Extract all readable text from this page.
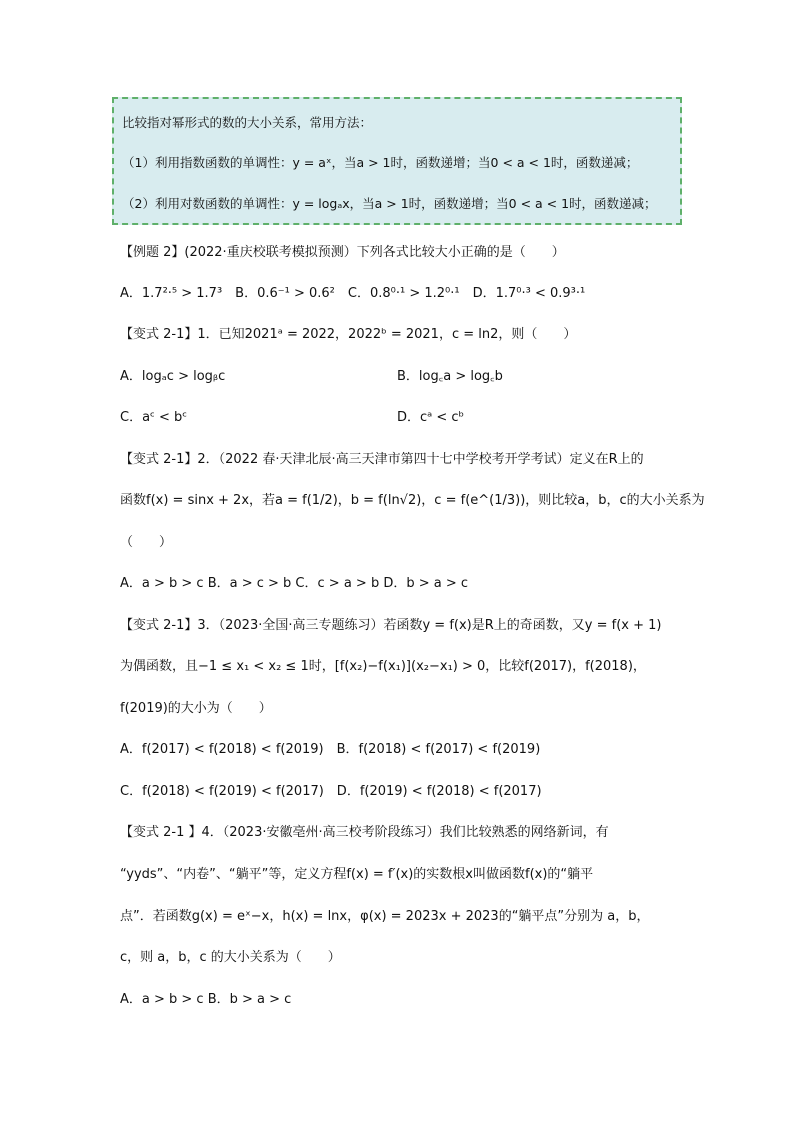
比较指对幂形式的数的大小关系，常用方法：
（1）利用指数函数的单调性：y = aˣ，当a > 1时，函数递增；当0 < a < 1时，函数递减；
（2）利用对数函数的单调性：y = logₐx，当a > 1时，函数递增；当0 < a < 1时，函数递减；
【例题 2】(2022·重庆校联考模拟预测）下列各式比较大小正确的是（　　）
A．1.7²·⁵ > 1.7³　B．0.6⁻¹ > 0.6²　C．0.8⁰·¹ > 1.2⁰·¹　D．1.7⁰·³ < 0.9³·¹
【变式 2-1】1．已知2021ᵃ = 2022，2022ᵇ = 2021，c = ln2，则（　　）
A．logₐc > logᵦc	B．log꜀a > log꜀b
C．aᶜ < bᶜ	D．cᵃ < cᵇ
【变式 2-1】2．（2022 春·天津北辰·高三天津市第四十七中学校考开学考试）定义在R上的
函数f(x) = sinx + 2x，若a = f(1/2)，b = f(ln√2)，c = f(e^(1/3))，则比较a，b，c的大小关系为
（　　）
A．a > b > c B．a > c > b C．c > a > b D．b > a > c
【变式 2-1】3．（2023·全国·高三专题练习）若函数y = f(x)是R上的奇函数，又y = f(x + 1)
为偶函数，且−1 ≤ x₁ < x₂ ≤ 1时，[f(x₂)−f(x₁)](x₂−x₁) > 0，比较f(2017)，f(2018)，
f(2019)的大小为（　　）
A．f(2017) < f(2018) < f(2019)　B．f(2018) < f(2017) < f(2019)
C．f(2018) < f(2019) < f(2017)　D．f(2019) < f(2018) < f(2017)
【变式 2-1 】4．（2023·安徽亳州·高三校考阶段练习）我们比较熟悉的网络新词，有
“yyds”、“内卷”、“躺平”等，定义方程f(x) = f′(x)的实数根x叫做函数f(x)的“躺平
点”．若函数g(x) = eˣ−x，h(x) = lnx，φ(x) = 2023x + 2023的“躺平点”分别为 a，b，
c，则 a，b，c 的大小关系为（　　）
A．a > b > c B．b > a > c
